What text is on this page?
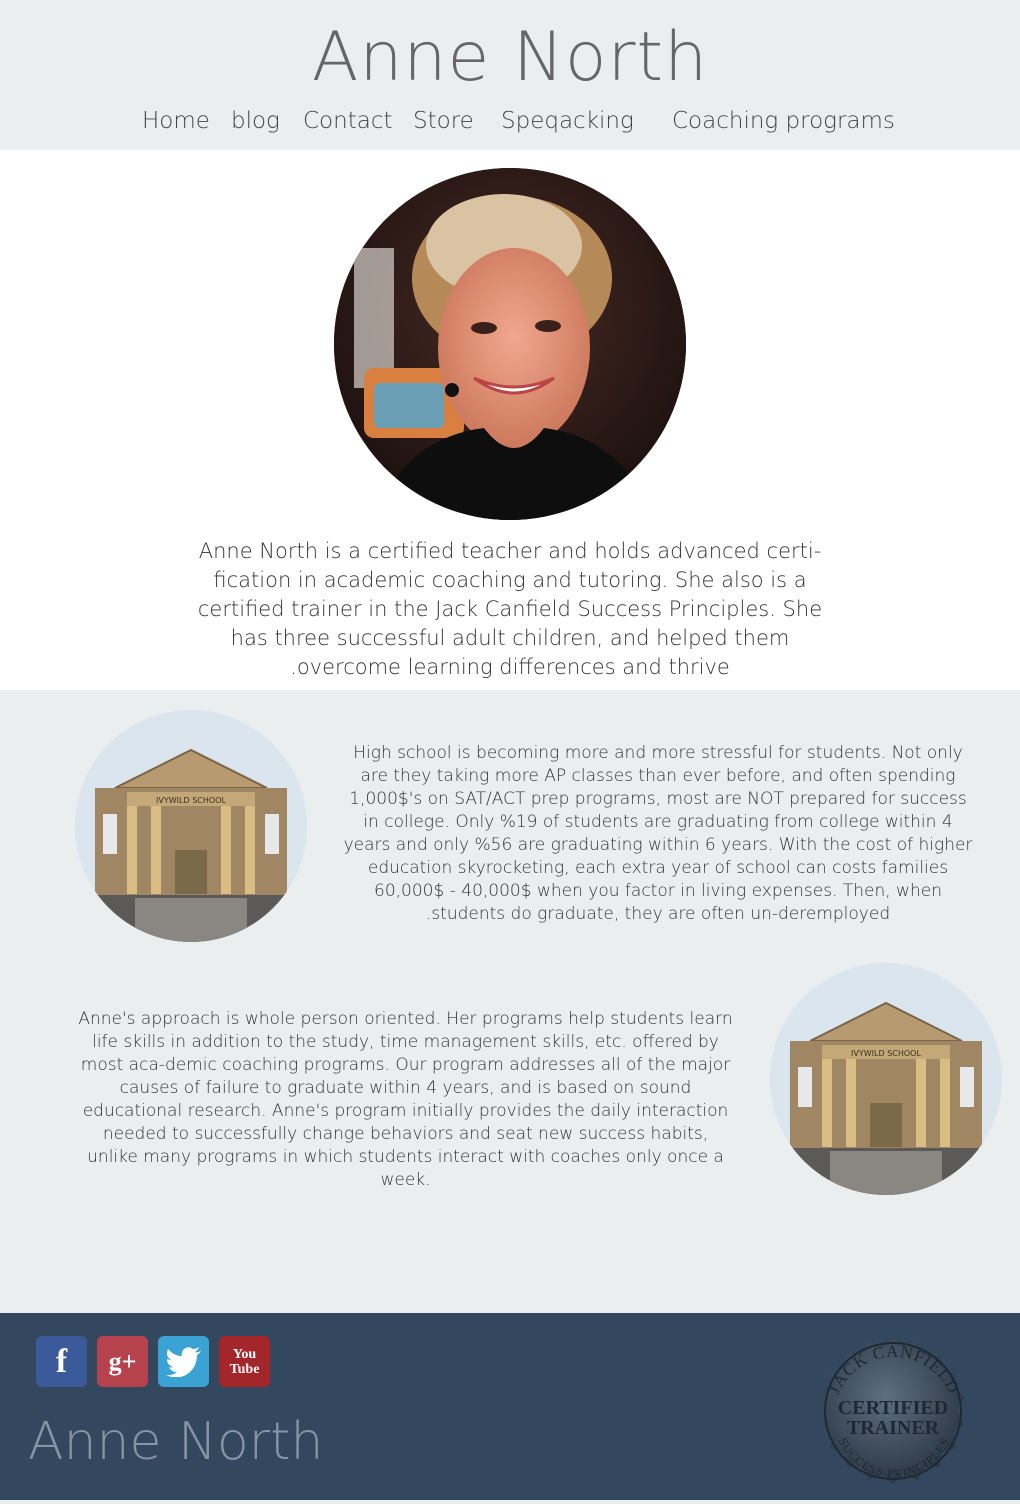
Anne North
Home blog Contact Store Speqacking Coaching programs
Anne North is a certified teacher and holds advanced certi-fication in academic coaching and tutoring. She also is a certified trainer in the Jack Canfield Success Principles. She has three successful adult children, and helped them overcome learning differences and thrive.
IVYWILD SCHOOL
High school is becoming more and more stressful for students. Not only are they taking more AP classes than ever before, and often spending 1,000$'s on SAT/ACT prep programs, most are NOT prepared for success in college. Only %19 of students are graduating from college within 4 years and only %56 are graduating within 6 years. With the cost of higher education skyrocketing, each extra year of school can costs families 60,000$ - 40,000$ when you factor in living expenses. Then, when students do graduate, they are often un-deremployed.
Anne's approach is whole person oriented. Her programs help students learn life skills in addition to the study, time management skills, etc. offered by most aca-demic coaching programs. Our program addresses all of the major causes of failure to graduate within 4 years, and is based on sound educational research. Anne's program initially provides the daily interaction needed to successfully change behaviors and seat new success habits, unlike many programs in which students interact with coaches only once a week.
IVYWILD SCHOOL
f	g+	You Tube
Anne North
JACK CANFIELD
CERTIFIED
TRAINER
SUCCESS PRINCIPLES
